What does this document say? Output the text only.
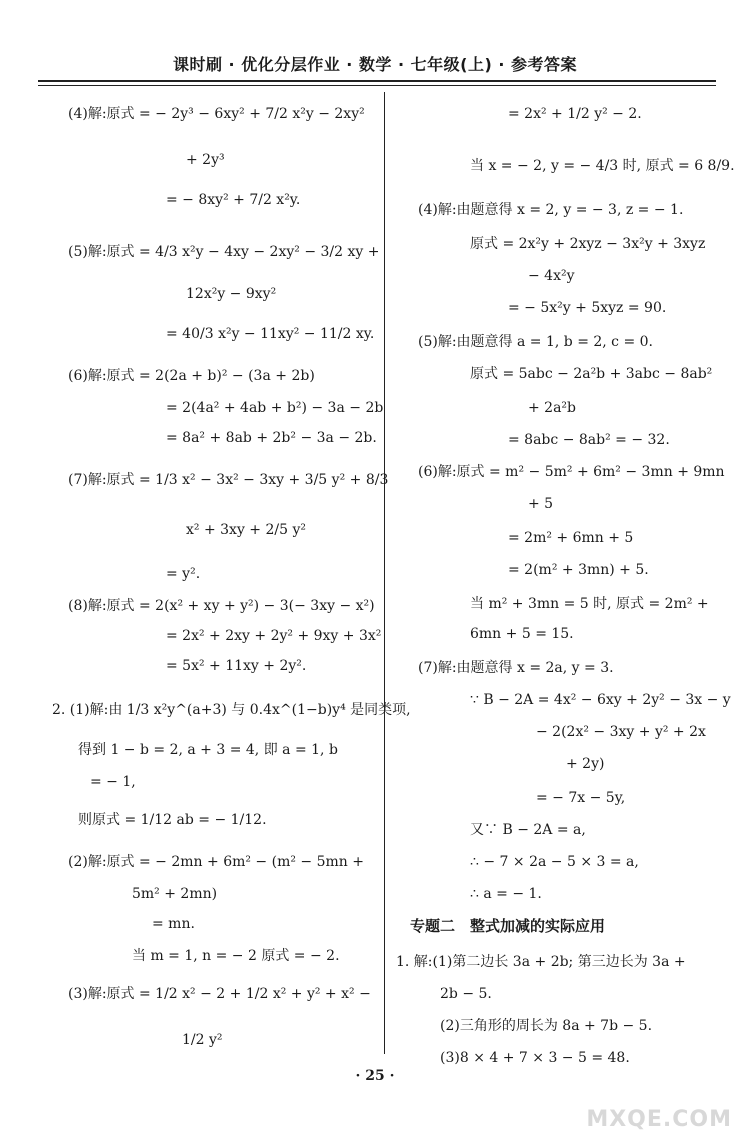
课时刷 · 优化分层作业 · 数学 · 七年级(上) · 参考答案
(4)解:原式 = − 2y³ − 6xy² + 7/2 x²y − 2xy²
+ 2y³
= − 8xy² + 7/2 x²y.
(5)解:原式 = 4/3 x²y − 4xy − 2xy² − 3/2 xy +
12x²y − 9xy²
= 40/3 x²y − 11xy² − 11/2 xy.
(6)解:原式 = 2(2a + b)² − (3a + 2b)
= 2(4a² + 4ab + b²) − 3a − 2b
= 8a² + 8ab + 2b² − 3a − 2b.
(7)解:原式 = 1/3 x² − 3x² − 3xy + 3/5 y² + 8/3
x² + 3xy + 2/5 y²
= y².
(8)解:原式 = 2(x² + xy + y²) − 3(− 3xy − x²)
= 2x² + 2xy + 2y² + 9xy + 3x²
= 5x² + 11xy + 2y².
2. (1)解:由 1/3 x²y^(a+3) 与 0.4x^(1−b)y⁴ 是同类项,
得到 1 − b = 2, a + 3 = 4, 即 a = 1, b
= − 1,
则原式 = 1/12 ab = − 1/12.
(2)解:原式 = − 2mn + 6m² − (m² − 5mn +
5m² + 2mn)
= mn.
当 m = 1, n = − 2 原式 = − 2.
(3)解:原式 = 1/2 x² − 2 + 1/2 x² + y² + x² −
1/2 y²
= 2x² + 1/2 y² − 2.
当 x = − 2, y = − 4/3 时, 原式 = 6 8/9.
(4)解:由题意得 x = 2, y = − 3, z = − 1.
原式 = 2x²y + 2xyz − 3x²y + 3xyz
− 4x²y
= − 5x²y + 5xyz = 90.
(5)解:由题意得 a = 1, b = 2, c = 0.
原式 = 5abc − 2a²b + 3abc − 8ab²
+ 2a²b
= 8abc − 8ab² = − 32.
(6)解:原式 = m² − 5m² + 6m² − 3mn + 9mn
+ 5
= 2m² + 6mn + 5
= 2(m² + 3mn) + 5.
当 m² + 3mn = 5 时, 原式 = 2m² +
6mn + 5 = 15.
(7)解:由题意得 x = 2a, y = 3.
∵ B − 2A = 4x² − 6xy + 2y² − 3x − y
− 2(2x² − 3xy + y² + 2x
+ 2y)
= − 7x − 5y,
又∵ B − 2A = a,
∴ − 7 × 2a − 5 × 3 = a,
∴ a = − 1.
专题二　整式加减的实际应用
1. 解:(1)第二边长 3a + 2b; 第三边长为 3a +
2b − 5.
(2)三角形的周长为 8a + 7b − 5.
(3)8 × 4 + 7 × 3 − 5 = 48.
· 25 ·
MXQE.COM
